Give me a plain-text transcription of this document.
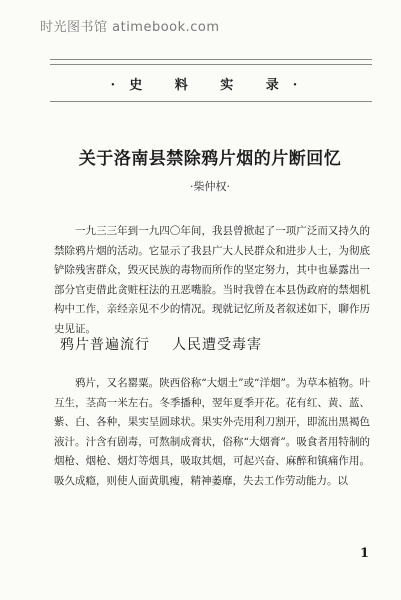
时光图书馆 atimebook.com
·史 料 实 录·
关于洛南县禁除鸦片烟的片断回忆
·柴仲权·

一九三三年到一九四〇年间，我县曾掀起了一项广泛而又持久的禁除鸦片烟的活动。它显示了我县广大人民群众和进步人士，为彻底铲除残害群众，毁灭民族的毒物而所作的坚定努力，其中也暴露出一部分官吏借此贪赃枉法的丑恶嘴脸。当时我曾在本县伪政府的禁烟机构中工作，亲经亲见不少的情况。现就记忆所及者叙述如下，聊作历史见证。

鸦片普遍流行 人民遭受毒害

鸦片，又名罂粟。陕西俗称“大烟土”或“洋烟”。为草本植物。叶互生，茎高一米左右。冬季播种，翌年夏季开花。花有红、黄、蓝、紫、白、各种，果实呈圆球状。果实外壳用利刀割开，即流出黑褐色液汁。汁含有剧毒，可熬制成膏状，俗称“大烟膏”。吸食者用特制的烟枪、烟枪、烟灯等烟具，吸取其烟，可起兴奋、麻醉和镇痛作用。吸久成瘾，则使人面黄肌瘦，精神萎靡，失去工作劳动能力。以

1
